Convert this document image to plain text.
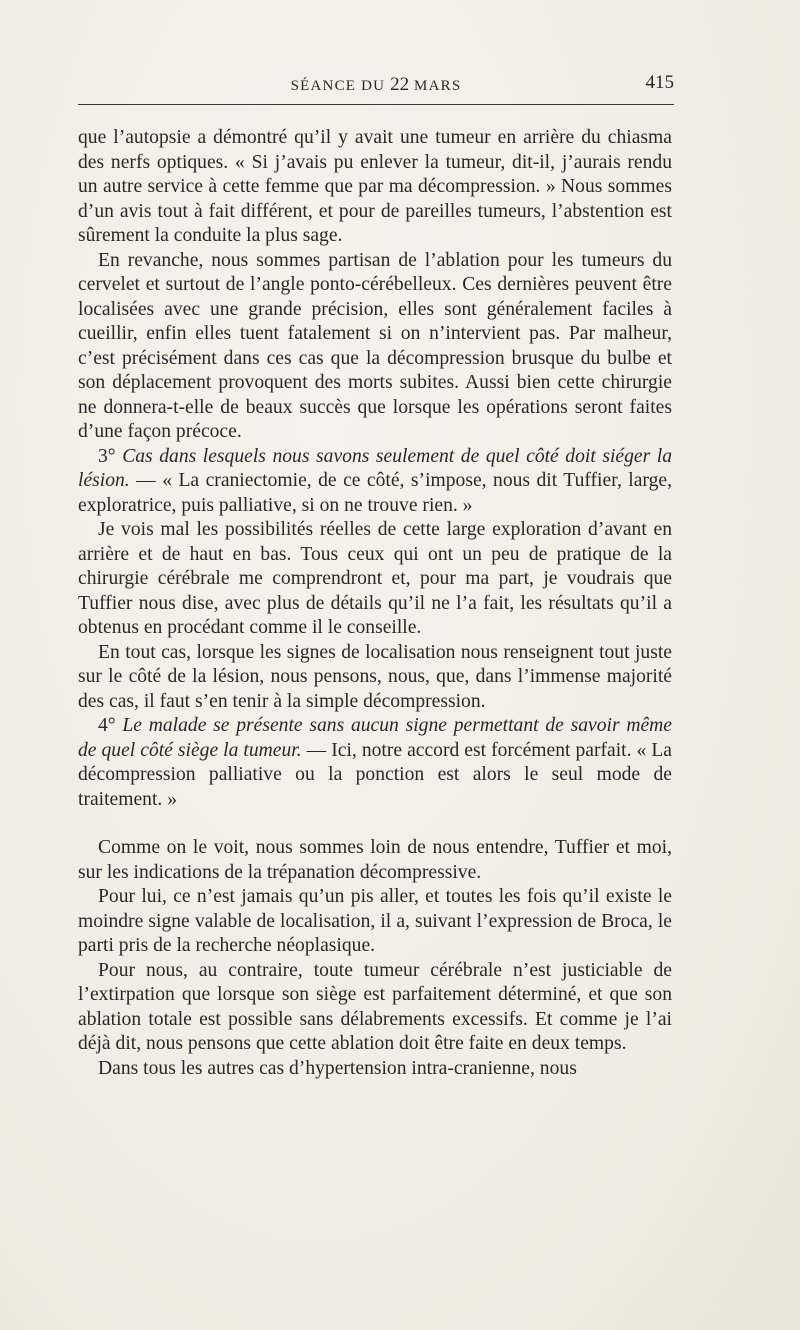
SÉANCE DU 22 MARS	415

que l’autopsie a démontré qu’il y avait une tumeur en arrière du chiasma des nerfs optiques. « Si j’avais pu enlever la tumeur, dit-il, j’aurais rendu un autre service à cette femme que par ma décompression. » Nous sommes d’un avis tout à fait différent, et pour de pareilles tumeurs, l’abstention est sûrement la conduite la plus sage.

En revanche, nous sommes partisan de l’ablation pour les tumeurs du cervelet et surtout de l’angle ponto-cérébelleux. Ces dernières peuvent être localisées avec une grande précision, elles sont généralement faciles à cueillir, enfin elles tuent fatalement si on n’intervient pas. Par malheur, c’est précisément dans ces cas que la décompression brusque du bulbe et son déplacement provoquent des morts subites. Aussi bien cette chirurgie ne donnera-t-elle de beaux succès que lorsque les opérations seront faites d’une façon précoce.

3° Cas dans lesquels nous savons seulement de quel côté doit siéger la lésion. — « La craniectomie, de ce côté, s’impose, nous dit Tuffier, large, exploratrice, puis palliative, si on ne trouve rien. »

Je vois mal les possibilités réelles de cette large exploration d’avant en arrière et de haut en bas. Tous ceux qui ont un peu de pratique de la chirurgie cérébrale me comprendront et, pour ma part, je voudrais que Tuffier nous dise, avec plus de détails qu’il ne l’a fait, les résultats qu’il a obtenus en procédant comme il le conseille.

En tout cas, lorsque les signes de localisation nous renseignent tout juste sur le côté de la lésion, nous pensons, nous, que, dans l’immense majorité des cas, il faut s’en tenir à la simple décompression.

4° Le malade se présente sans aucun signe permettant de savoir même de quel côté siège la tumeur. — Ici, notre accord est forcément parfait. « La décompression palliative ou la ponction est alors le seul mode de traitement. »

Comme on le voit, nous sommes loin de nous entendre, Tuffier et moi, sur les indications de la trépanation décompressive.

Pour lui, ce n’est jamais qu’un pis aller, et toutes les fois qu’il existe le moindre signe valable de localisation, il a, suivant l’expression de Broca, le parti pris de la recherche néoplasique.

Pour nous, au contraire, toute tumeur cérébrale n’est justiciable de l’extirpation que lorsque son siège est parfaitement déterminé, et que son ablation totale est possible sans délabrements excessifs. Et comme je l’ai déjà dit, nous pensons que cette ablation doit être faite en deux temps.

Dans tous les autres cas d’hypertension intra-cranienne, nous
